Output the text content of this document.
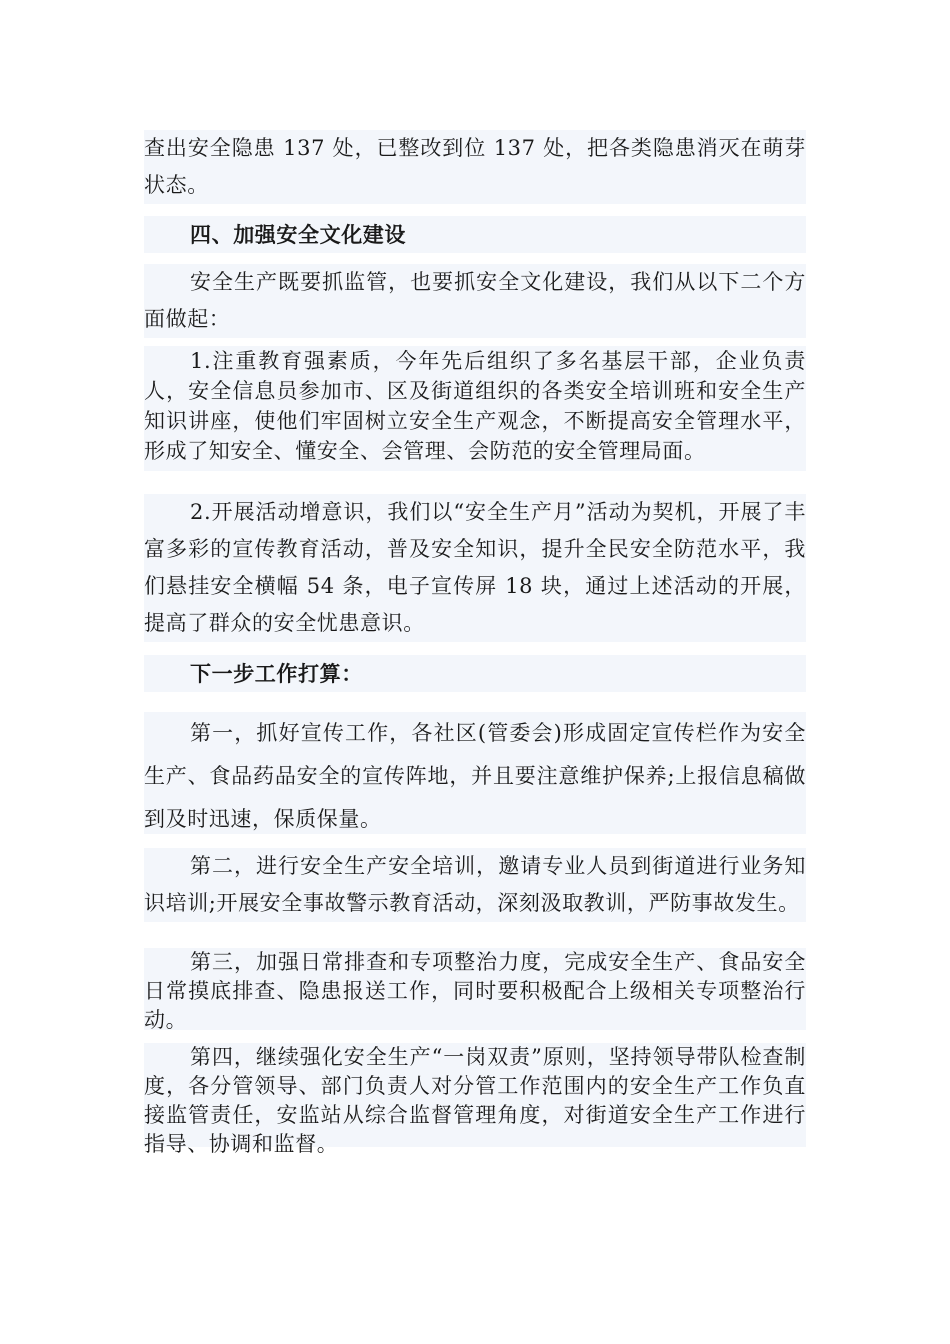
查出安全隐患 137 处，已整改到位 137 处，把各类隐患消灭在萌芽状态。

四、加强安全文化建设

安全生产既要抓监管，也要抓安全文化建设，我们从以下二个方面做起：

1.注重教育强素质，今年先后组织了多名基层干部，企业负责人，安全信息员参加市、区及街道组织的各类安全培训班和安全生产知识讲座，使他们牢固树立安全生产观念，不断提高安全管理水平，形成了知安全、懂安全、会管理、会防范的安全管理局面。

2.开展活动增意识，我们以“安全生产月”活动为契机，开展了丰富多彩的宣传教育活动，普及安全知识，提升全民安全防范水平，我们悬挂安全横幅 54 条，电子宣传屏 18 块，通过上述活动的开展，提高了群众的安全忧患意识。

下一步工作打算：

第一，抓好宣传工作，各社区(管委会)形成固定宣传栏作为安全生产、食品药品安全的宣传阵地，并且要注意维护保养;上报信息稿做到及时迅速，保质保量。

第二，进行安全生产安全培训，邀请专业人员到街道进行业务知识培训;开展安全事故警示教育活动，深刻汲取教训，严防事故发生。

第三，加强日常排查和专项整治力度，完成安全生产、食品安全日常摸底排查、隐患报送工作，同时要积极配合上级相关专项整治行动。

第四，继续强化安全生产“一岗双责”原则，坚持领导带队检查制度，各分管领导、部门负责人对分管工作范围内的安全生产工作负直接监管责任，安监站从综合监督管理角度，对街道安全生产工作进行指导、协调和监督。
